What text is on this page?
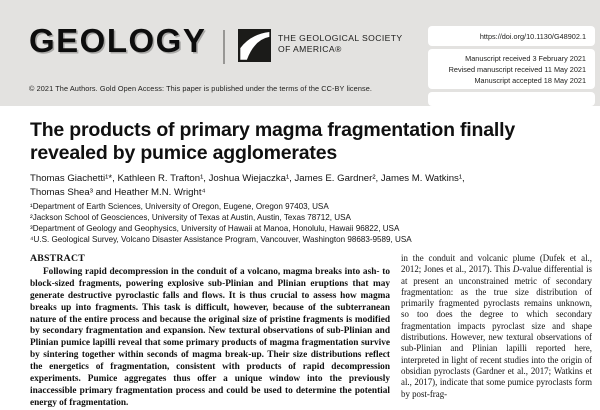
GEOLOGY	THE GEOLOGICAL SOCIETY
OF AMERICA®
© 2021 The Authors. Gold Open Access: This paper is published under the terms of the CC-BY license.
https://doi.org/10.1130/G48902.1
Manuscript received 3 February 2021
Revised manuscript received 11 May 2021
Manuscript accepted 18 May 2021
The products of primary magma fragmentation finally revealed by pumice agglomerates
Thomas Giachetti¹*, Kathleen R. Trafton¹, Joshua Wiejaczka¹, James E. Gardner², James M. Watkins¹,
Thomas Shea³ and Heather M.N. Wright⁴
¹Department of Earth Sciences, University of Oregon, Eugene, Oregon 97403, USA
²Jackson School of Geosciences, University of Texas at Austin, Austin, Texas 78712, USA
³Department of Geology and Geophysics, University of Hawaii at Manoa, Honolulu, Hawaii 96822, USA
⁴U.S. Geological Survey, Volcano Disaster Assistance Program, Vancouver, Washington 98683-9589, USA
ABSTRACT
Following rapid decompression in the conduit of a volcano, magma breaks into ash- to block-sized fragments, powering explosive sub-Plinian and Plinian eruptions that may generate destructive pyroclastic falls and flows. It is thus crucial to assess how magma breaks up into fragments. This task is difficult, however, because of the subterranean nature of the entire process and because the original size of pristine fragments is modified by secondary fragmentation and expansion. New textural observations of sub-Plinian and Plinian pumice lapilli reveal that some primary products of magma fragmentation survive by sintering together within seconds of magma break-up. Their size distributions reflect the energetics of fragmentation, consistent with products of rapid decompression experiments. Pumice aggregates thus offer a unique window into the previously inaccessible primary fragmentation process and could be used to determine the potential energy of fragmentation.
in the conduit and volcanic plume (Dufek et al., 2012; Jones et al., 2017). This D-value differential is at present an unconstrained metric of secondary fragmentation: as the true size distribution of primarily fragmented pyroclasts remains unknown, so too does the degree to which secondary fragmentation impacts pyroclast size and shape distributions. However, new textural observations of sub-Plinian and Plinian lapilli reported here, interpreted in light of recent studies into the origin of obsidian pyroclasts (Gardner et al., 2017; Watkins et al., 2017), indicate that some pumice pyroclasts form by post-frag-
